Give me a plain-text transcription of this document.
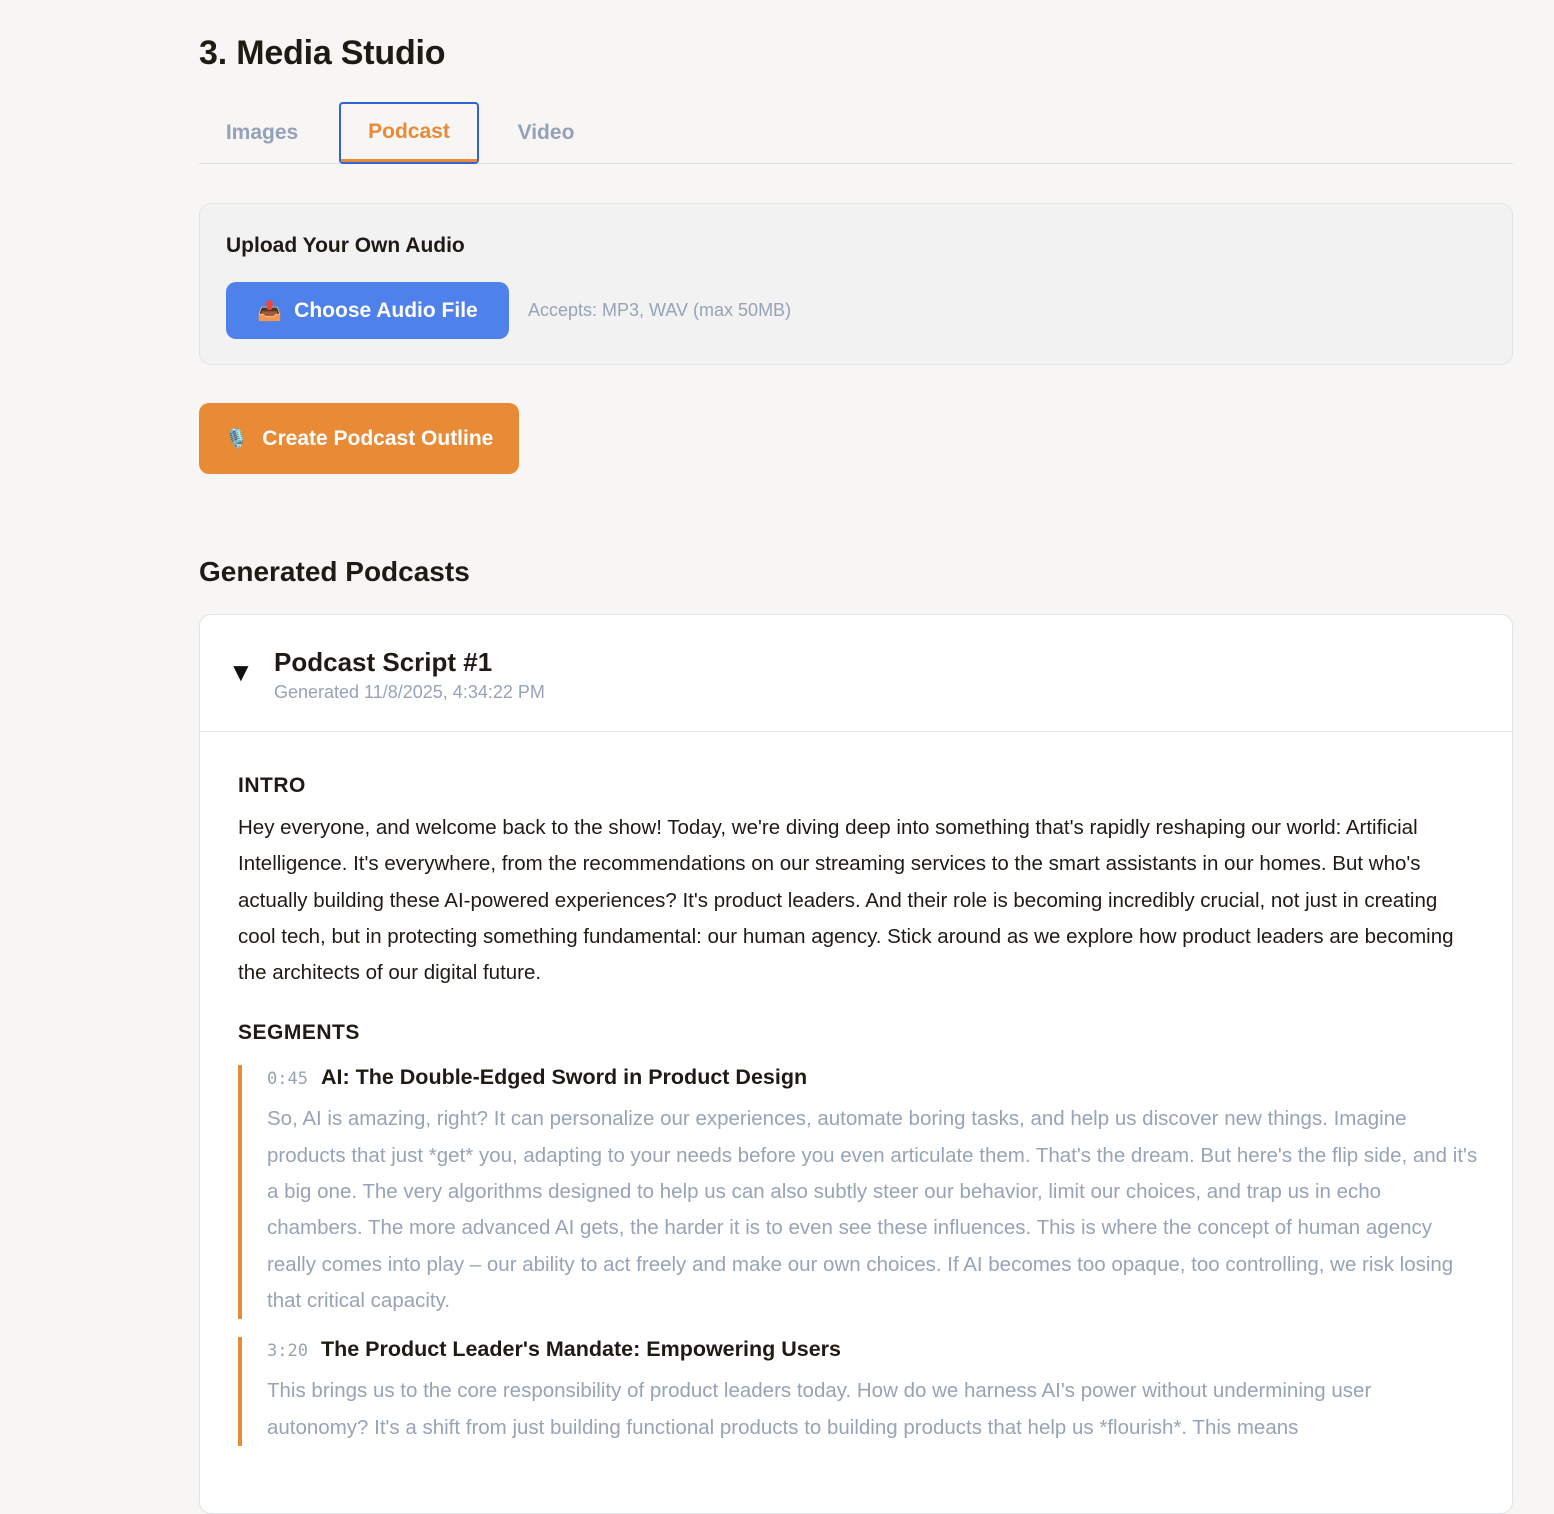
3. Media Studio
Images	Podcast	Video
Upload Your Own Audio
📤 Choose Audio File	Accepts: MP3, WAV (max 50MB)
🎙️ Create Podcast Outline
Generated Podcasts
▼ Podcast Script #1
Generated 11/8/2025, 4:34:22 PM
INTRO

Hey everyone, and welcome back to the show! Today, we're diving deep into something that's rapidly reshaping our world: Artificial Intelligence. It's everywhere, from the recommendations on our streaming services to the smart assistants in our homes. But who's actually building these AI-powered experiences? It's product leaders. And their role is becoming incredibly crucial, not just in creating cool tech, but in protecting something fundamental: our human agency. Stick around as we explore how product leaders are becoming the architects of our digital future.

SEGMENTS
0:45 AI: The Double-Edged Sword in Product Design

So, AI is amazing, right? It can personalize our experiences, automate boring tasks, and help us discover new things. Imagine products that just *get* you, adapting to your needs before you even articulate them. That's the dream. But here's the flip side, and it's a big one. The very algorithms designed to help us can also subtly steer our behavior, limit our choices, and trap us in echo chambers. The more advanced AI gets, the harder it is to even see these influences. This is where the concept of human agency really comes into play – our ability to act freely and make our own choices. If AI becomes too opaque, too controlling, we risk losing that critical capacity.

3:20 The Product Leader's Mandate: Empowering Users

This brings us to the core responsibility of product leaders today. How do we harness AI's power without undermining user autonomy? It's a shift from just building functional products to building products that help us *flourish*. This means
